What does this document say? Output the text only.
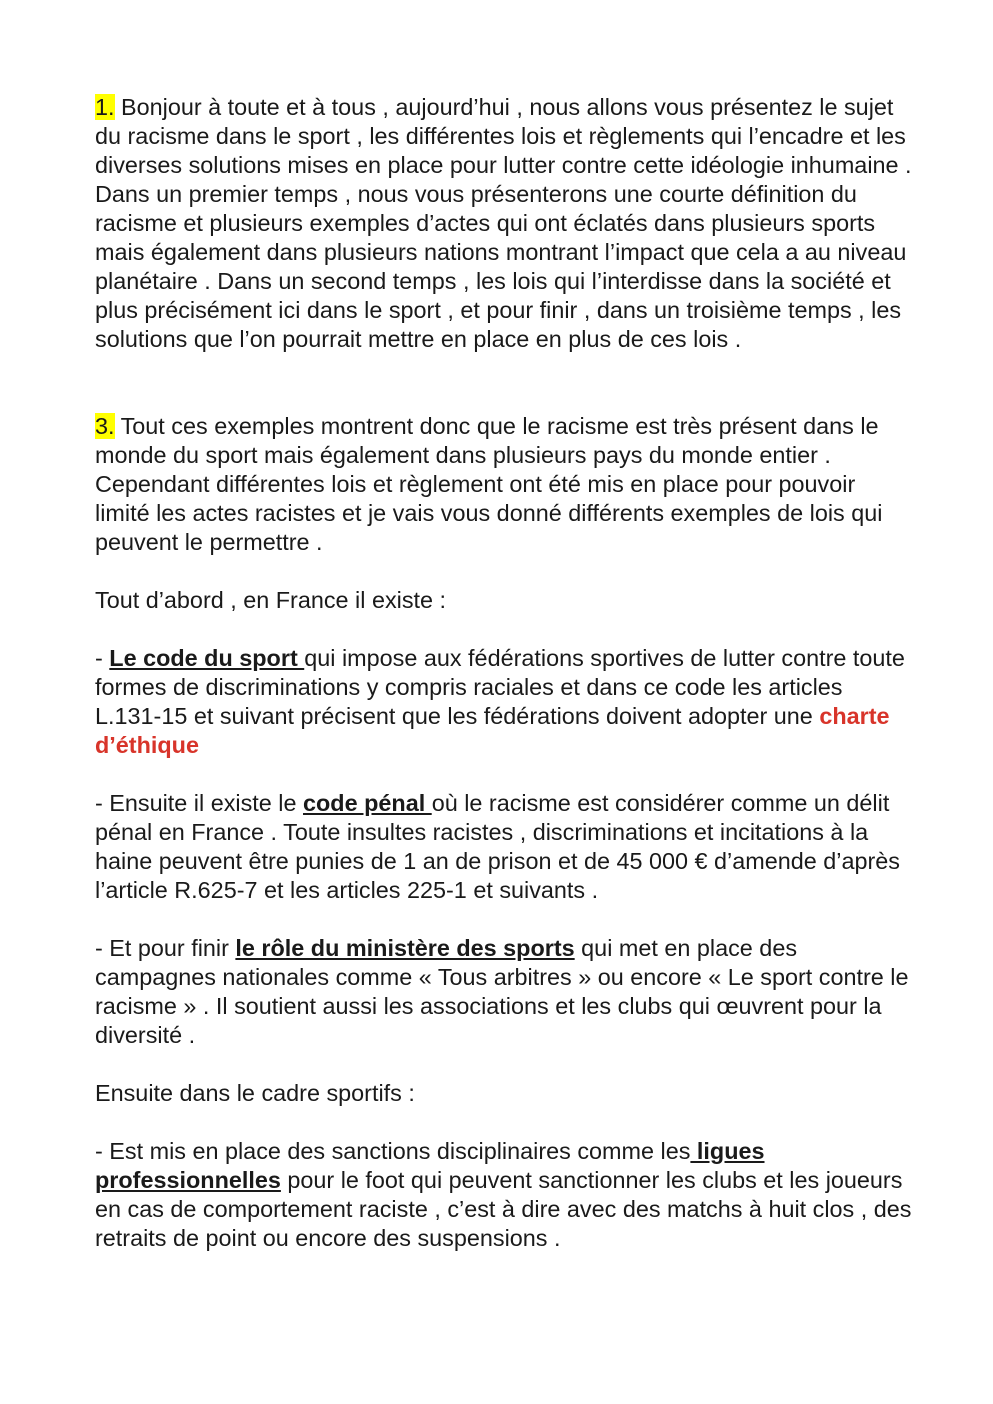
1. Bonjour à toute et à tous , aujourd’hui , nous allons vous présentez le sujet du racisme dans le sport , les différentes lois et règlements qui l’encadre et les diverses solutions mises en place pour lutter contre cette idéologie inhumaine .

Dans un premier temps , nous vous présenterons une courte définition du racisme et plusieurs exemples d’actes qui ont éclatés dans plusieurs sports mais également dans plusieurs nations montrant l’impact que cela a au niveau planétaire . Dans un second temps , les lois qui l’interdisse dans la société et plus précisément ici dans le sport , et pour finir , dans un troisième temps , les solutions que l’on pourrait mettre en place en plus de ces lois .

3. Tout ces exemples montrent donc que le racisme est très présent dans le monde du sport mais également dans plusieurs pays du monde entier . Cependant différentes lois et règlement ont été mis en place pour pouvoir limité les actes racistes et je vais vous donné différents exemples de lois qui peuvent le permettre .

Tout d’abord , en France il existe :

- Le code du sport qui impose aux fédérations sportives de lutter contre toute formes de discriminations y compris raciales et dans ce code les articles L.131-15 et suivant précisent que les fédérations doivent adopter une charte d’éthique

- Ensuite il existe le code pénal où le racisme est considérer comme un délit pénal en France . Toute insultes racistes , discriminations et incitations à la haine peuvent être punies de 1 an de prison et de 45 000 € d’amende d’après l’article R.625-7 et les articles 225-1 et suivants .

- Et pour finir le rôle du ministère des sports qui met en place des campagnes nationales comme « Tous arbitres » ou encore « Le sport contre le racisme » . Il soutient aussi les associations et les clubs qui œuvrent pour la diversité .

Ensuite dans le cadre sportifs :

- Est mis en place des sanctions disciplinaires comme les ligues professionnelles pour le foot qui peuvent sanctionner les clubs et les joueurs en cas de comportement raciste , c’est à dire avec des matchs à huit clos , des retraits de point ou encore des suspensions .
